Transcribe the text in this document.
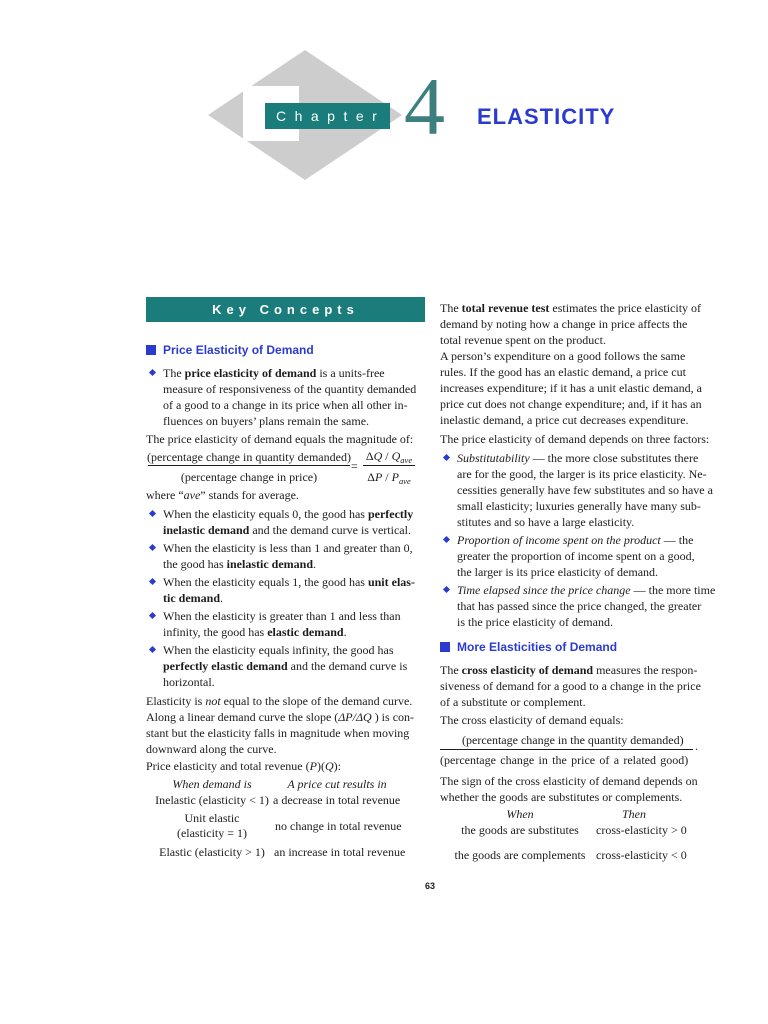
Chapter 4 ELASTICITY
Key Concepts
Price Elasticity of Demand
The price elasticity of demand is a units-free
measure of responsiveness of the quantity demanded
of a good to a change in its price when all other in-
fluences on buyers’ plans remain the same.
The price elasticity of demand equals the magnitude of:
(percentage change in quantity demanded)
(percentage change in price)
=
ΔQ / $Q_{ave}$
ΔP / $P_{ave}$
where “ave” stands for average.
When the elasticity equals 0, the good has perfectly
inelastic demand and the demand curve is vertical.
When the elasticity is less than 1 and greater than 0,
the good has inelastic demand.
When the elasticity equals 1, the good has unit elas-
tic demand.
When the elasticity is greater than 1 and less than
infinity, the good has elastic demand.
When the elasticity equals infinity, the good has
perfectly elastic demand and the demand curve is
horizontal.
Elasticity is not equal to the slope of the demand curve.
Along a linear demand curve the slope (ΔP/ΔQ ) is con-
stant but the elasticity falls in magnitude when moving
downward along the curve.
Price elasticity and total revenue (P)(Q):
When demand is	A price cut results in
Inelastic (elasticity < 1) a decrease in total revenue
Unit elastic
(elasticity = 1)	no change in total revenue
Elastic (elasticity > 1) an increase in total revenue
The total revenue test estimates the price elasticity of
demand by noting how a change in price affects the
total revenue spent on the product.
A person’s expenditure on a good follows the same
rules. If the good has an elastic demand, a price cut
increases expenditure; if it has a unit elastic demand, a
price cut does not change expenditure; and, if it has an
inelastic demand, a price cut decreases expenditure.
The price elasticity of demand depends on three factors:
Substitutability — the more close substitutes there
are for the good, the larger is its price elasticity. Ne-
cessities generally have few substitutes and so have a
small elasticity; luxuries generally have many sub-
stitutes and so have a large elasticity.
Proportion of income spent on the product — the
greater the proportion of income spent on a good,
the larger is its price elasticity of demand.
Time elapsed since the price change — the more time
that has passed since the price changed, the greater
is the price elasticity of demand.
More Elasticities of Demand
The cross elasticity of demand measures the respon-
siveness of demand for a good to a change in the price
of a substitute or complement.
The cross elasticity of demand equals:
(percentage change in the quantity demanded)
(percentage change in the price of a related good)
.
The sign of the cross elasticity of demand depends on
whether the goods are substitutes or complements.
When	Then
the goods are substitutes	cross-elasticity > 0
the goods are complements cross-elasticity < 0
63
